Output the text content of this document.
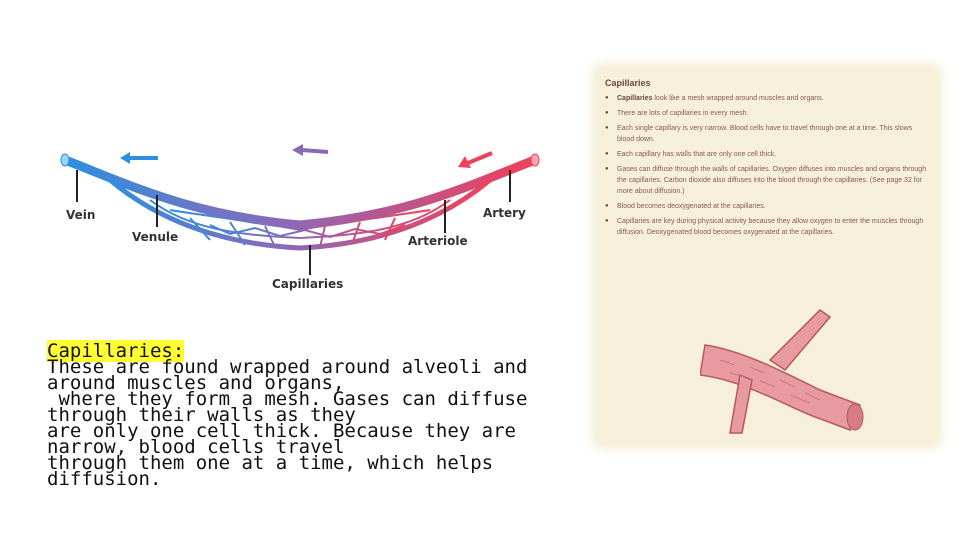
Vein
Venule
Capillaries
Arteriole
Artery
Capillaries:
These are found wrapped around alveoli and
around muscles and organs,
where they form a mesh. Gases can diffuse
through their walls as they
are only one cell thick. Because they are
narrow, blood cells travel
through them one at a time, which helps
diffusion.
Capillaries
● Capillaries look like a mesh wrapped around muscles and organs.
● There are lots of capillaries in every mesh.
● Each single capillary is very narrow. Blood cells have to travel through one at a time. This slows blood down.
● Each capillary has walls that are only one cell thick.
● Gases can diffuse through the walls of capillaries. Oxygen diffuses into muscles and organs through the capillaries. Carbon dioxide also diffuses into the blood through the capillaries. (See page 32 for more about diffusion.)
● Blood becomes deoxygenated at the capillaries.
● Capillaries are key during physical activity because they allow oxygen to enter the muscles through diffusion. Deoxygenated blood becomes oxygenated at the capillaries.
